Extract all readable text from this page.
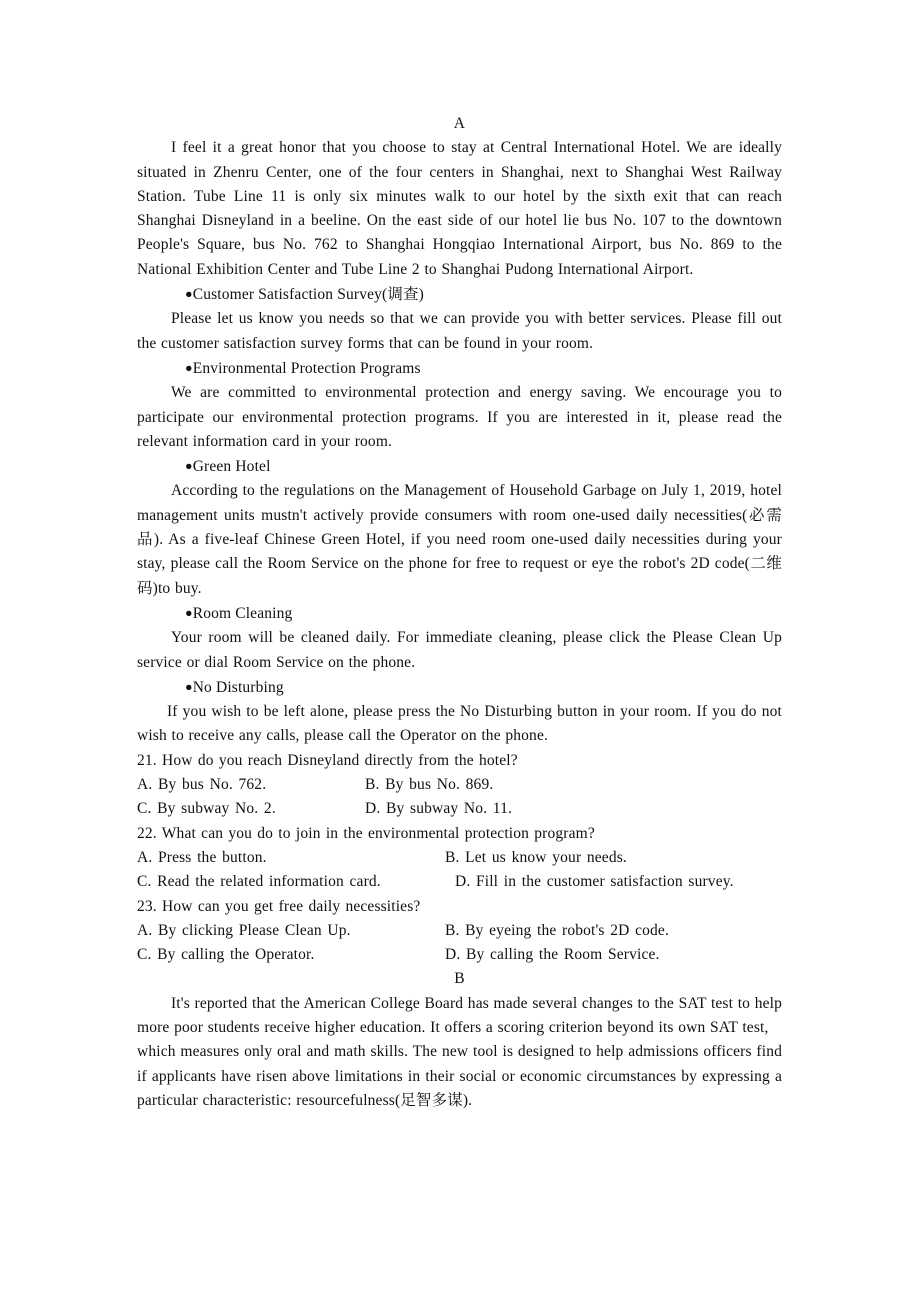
A

I feel it a great honor that you choose to stay at Central International Hotel. We are ideally situated in Zhenru Center, one of the four centers in Shanghai, next to Shanghai West Railway Station. Tube Line 11 is only six minutes walk to our hotel by the sixth exit that can reach Shanghai Disneyland in a beeline. On the east side of our hotel lie bus No. 107 to the downtown People's Square, bus No. 762 to Shanghai Hongqiao International Airport, bus No. 869 to the National Exhibition Center and Tube Line 2 to Shanghai Pudong International Airport.

●Customer Satisfaction Survey(调查)

Please let us know you needs so that we can provide you with better services. Please fill out the customer satisfaction survey forms that can be found in your room.

●Environmental Protection Programs

We are committed to environmental protection and energy saving. We encourage you to participate our environmental protection programs. If you are interested in it, please read the relevant information card in your room.

●Green Hotel

According to the regulations on the Management of Household Garbage on July 1, 2019, hotel management units mustn't actively provide consumers with room one-used daily necessities(必需品). As a five-leaf Chinese Green Hotel, if you need room one-used daily necessities during your stay, please call the Room Service on the phone for free to request or eye the robot's 2D code(二维码)to buy.

●Room Cleaning

Your room will be cleaned daily. For immediate cleaning, please click the Please Clean Up service or dial Room Service on the phone.

●No Disturbing

If you wish to be left alone, please press the No Disturbing button in your room. If you do not wish to receive any calls, please call the Operator on the phone.

21. How do you reach Disneyland directly from the hotel?

A. By bus No. 762.	B. By bus No. 869.
C. By subway No. 2.	D. By subway No. 11.

22. What can you do to join in the environmental protection program?

A. Press the button.	B. Let us know your needs.
C. Read the related information card.	D. Fill in the customer satisfaction survey.

23. How can you get free daily necessities?

A. By clicking Please Clean Up.	B. By eyeing the robot's 2D code.
C. By calling the Operator.	D. By calling the Room Service.
B

It's reported that the American College Board has made several changes to the SAT test to help more poor students receive higher education. It offers a scoring criterion beyond its own SAT test,

which measures only oral and math skills. The new tool is designed to help admissions officers find if applicants have risen above limitations in their social or economic circumstances by expressing a particular characteristic: resourcefulness(足智多谋).
